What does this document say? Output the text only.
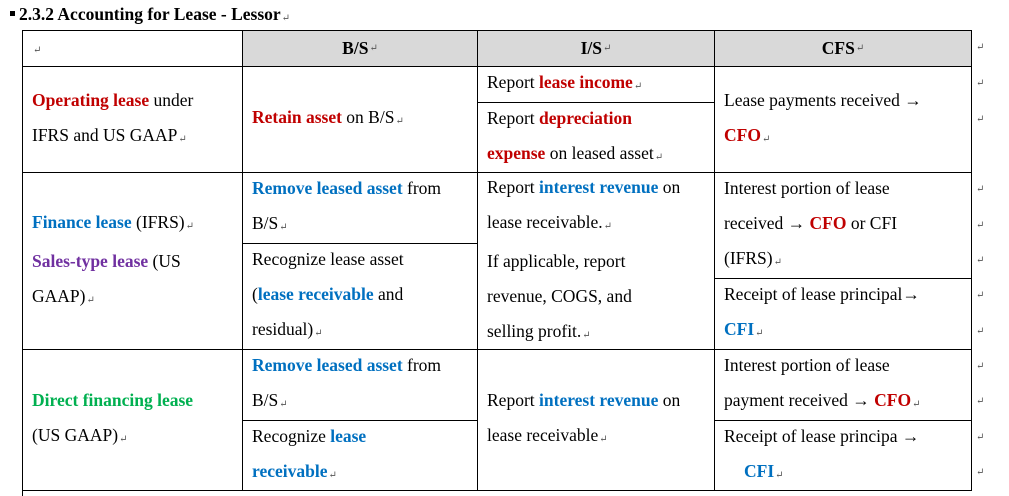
2.3.2 Accounting for Lease - Lessor↵
B/S ↵	I/S ↵	CFS ↵
↵
Operating lease under
IFRS and US GAAP↵
Retain asset on B/S↵
Report lease income↵
Report depreciation
expense on leased asset↵
Lease payments received →
CFO↵
Finance lease (IFRS)↵
Sales-type lease (US
GAAP)↵
Remove leased asset from
B/S↵
Recognize lease asset
(lease receivable and
residual)↵
Report interest revenue on
lease receivable.↵
If applicable, report
revenue, COGS, and
selling profit.↵
Interest portion of lease
received → CFO or CFI
(IFRS)↵
Receipt of lease principal→
CFI↵
Direct financing lease
(US GAAP)↵
Remove leased asset from
B/S↵
Recognize lease
receivable↵
Report interest revenue on
lease receivable↵
Interest portion of lease
payment received → CFO↵
Receipt of lease principa →
CFI↵
↵
↵
↵
↵
↵
↵
↵
↵
↵
↵
↵
↵
